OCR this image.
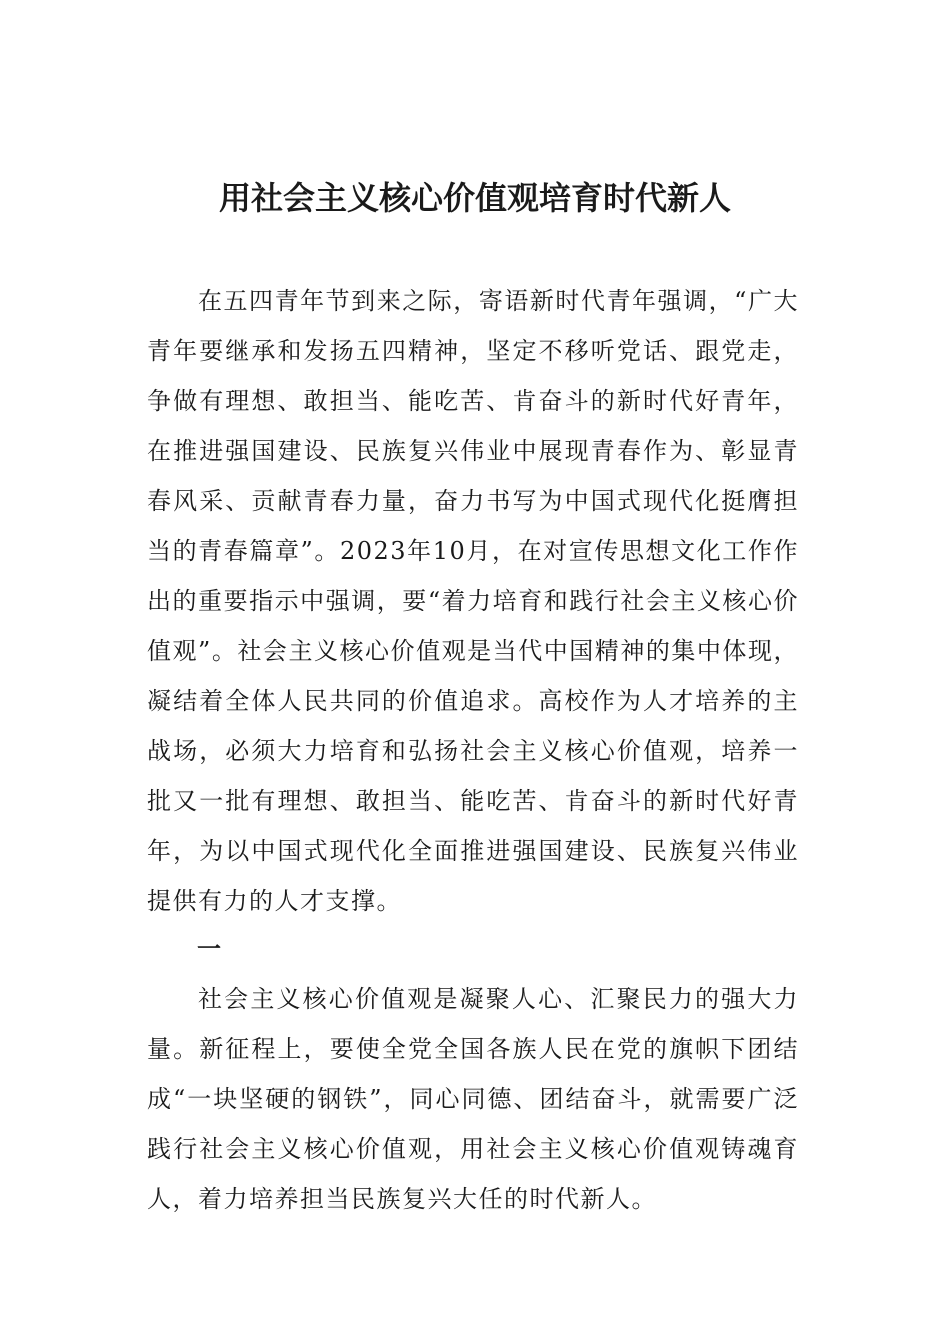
用社会主义核心价值观培育时代新人

在五四青年节到来之际，寄语新时代青年强调，“广大青年要继承和发扬五四精神，坚定不移听党话、跟党走，争做有理想、敢担当、能吃苦、肯奋斗的新时代好青年，在推进强国建设、民族复兴伟业中展现青春作为、彰显青春风采、贡献青春力量，奋力书写为中国式现代化挺膺担当的青春篇章”。2023年10月，在对宣传思想文化工作作出的重要指示中强调，要“着力培育和践行社会主义核心价值观”。社会主义核心价值观是当代中国精神的集中体现，凝结着全体人民共同的价值追求。高校作为人才培养的主战场，必须大力培育和弘扬社会主义核心价值观，培养一批又一批有理想、敢担当、能吃苦、肯奋斗的新时代好青年，为以中国式现代化全面推进强国建设、民族复兴伟业提供有力的人才支撑。

一

社会主义核心价值观是凝聚人心、汇聚民力的强大力量。新征程上，要使全党全国各族人民在党的旗帜下团结成“一块坚硬的钢铁”，同心同德、团结奋斗，就需要广泛践行社会主义核心价值观，用社会主义核心价值观铸魂育人，着力培养担当民族复兴大任的时代新人。
